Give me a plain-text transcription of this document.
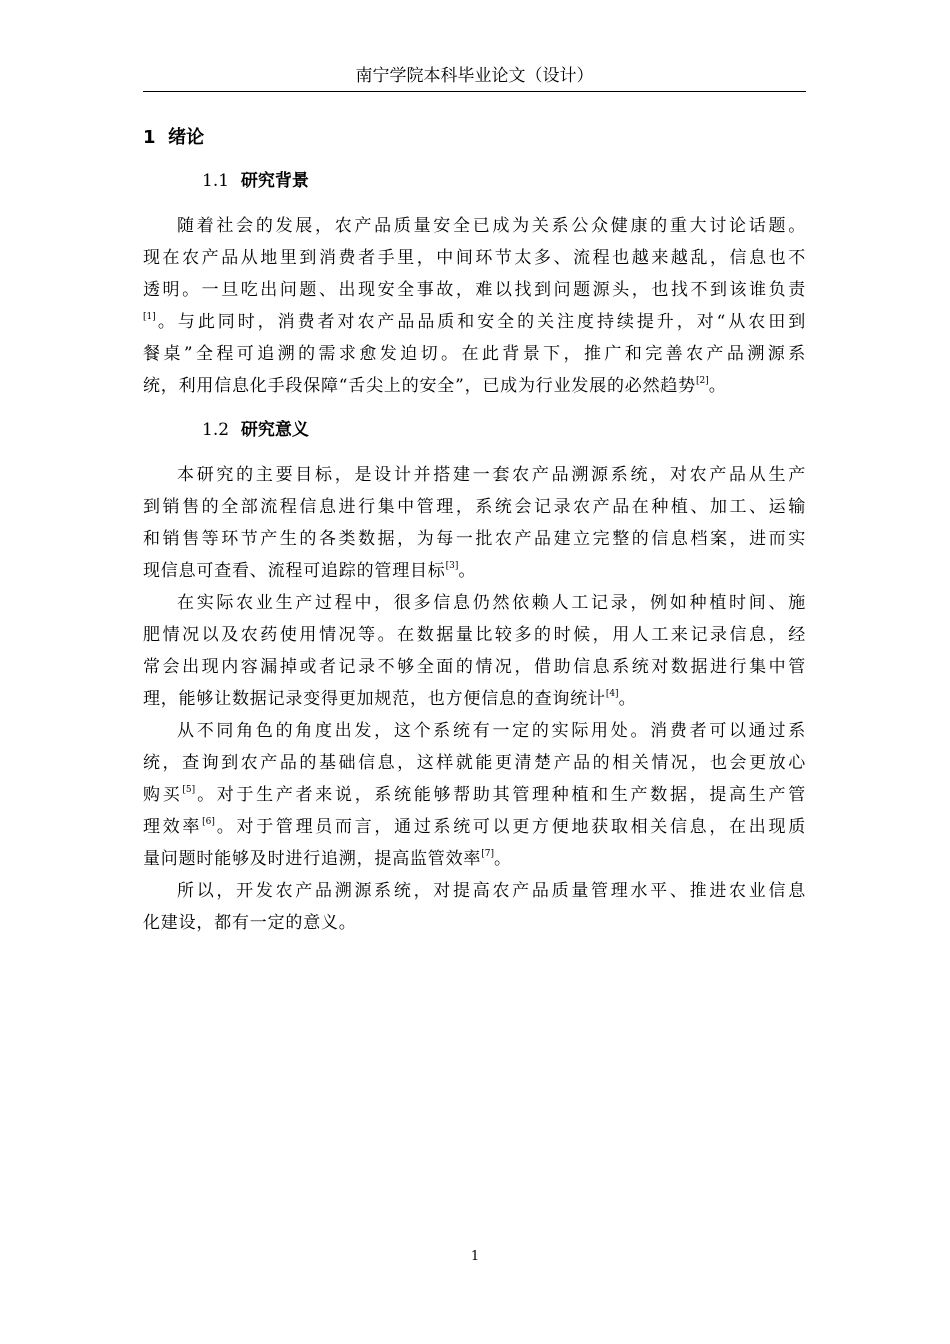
南宁学院本科毕业论文（设计）
1 绪论
1.1 研究背景
随着社会的发展，农产品质量安全已成为关系公众健康的重大讨论话题。
现在农产品从地里到消费者手里，中间环节太多、流程也越来越乱，信息也不
透明。一旦吃出问题、出现安全事故，难以找到问题源头，也找不到该谁负责
[1]。与此同时，消费者对农产品品质和安全的关注度持续提升，对“从农田到
餐桌”全程可追溯的需求愈发迫切。在此背景下，推广和完善农产品溯源系
统，利用信息化手段保障“舌尖上的安全”，已成为行业发展的必然趋势[2]。
1.2 研究意义
本研究的主要目标，是设计并搭建一套农产品溯源系统，对农产品从生产
到销售的全部流程信息进行集中管理，系统会记录农产品在种植、加工、运输
和销售等环节产生的各类数据，为每一批农产品建立完整的信息档案，进而实
现信息可查看、流程可追踪的管理目标[3]。
在实际农业生产过程中，很多信息仍然依赖人工记录，例如种植时间、施
肥情况以及农药使用情况等。在数据量比较多的时候，用人工来记录信息，经
常会出现内容漏掉或者记录不够全面的情况，借助信息系统对数据进行集中管
理，能够让数据记录变得更加规范，也方便信息的查询统计[4]。
从不同角色的角度出发，这个系统有一定的实际用处。消费者可以通过系
统，查询到农产品的基础信息，这样就能更清楚产品的相关情况，也会更放心
购买[5]。对于生产者来说，系统能够帮助其管理种植和生产数据，提高生产管
理效率[6]。对于管理员而言，通过系统可以更方便地获取相关信息，在出现质
量问题时能够及时进行追溯，提高监管效率[7]。
所以，开发农产品溯源系统，对提高农产品质量管理水平、推进农业信息
化建设，都有一定的意义。
1
